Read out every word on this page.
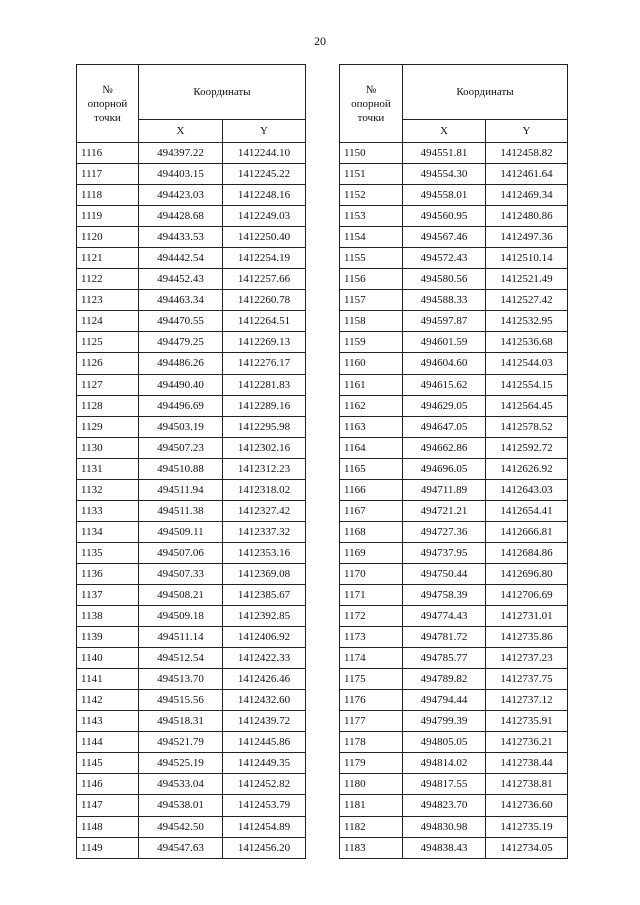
20
№
опорной
точки	Координаты	
	X	Y
1116	494397.22	1412244.10
1117	494403.15	1412245.22
1118	494423.03	1412248.16
1119	494428.68	1412249.03
1120	494433.53	1412250.40
1121	494442.54	1412254.19
1122	494452.43	1412257.66
1123	494463.34	1412260.78
1124	494470.55	1412264.51
1125	494479.25	1412269.13
1126	494486.26	1412276.17
1127	494490.40	1412281.83
1128	494496.69	1412289.16
1129	494503.19	1412295.98
1130	494507.23	1412302.16
1131	494510.88	1412312.23
1132	494511.94	1412318.02
1133	494511.38	1412327.42
1134	494509.11	1412337.32
1135	494507.06	1412353.16
1136	494507.33	1412369.08
1137	494508.21	1412385.67
1138	494509.18	1412392.85
1139	494511.14	1412406.92
1140	494512.54	1412422.33
1141	494513.70	1412426.46
1142	494515.56	1412432.60
1143	494518.31	1412439.72
1144	494521.79	1412445.86
1145	494525.19	1412449.35
1146	494533.04	1412452.82
1147	494538.01	1412453.79
1148	494542.50	1412454.89
1149	494547.63	1412456.20
№
опорной
точки	Координаты	
	X	Y
1150	494551.81	1412458.82
1151	494554.30	1412461.64
1152	494558.01	1412469.34
1153	494560.95	1412480.86
1154	494567.46	1412497.36
1155	494572.43	1412510.14
1156	494580.56	1412521.49
1157	494588.33	1412527.42
1158	494597.87	1412532.95
1159	494601.59	1412536.68
1160	494604.60	1412544.03
1161	494615.62	1412554.15
1162	494629.05	1412564.45
1163	494647.05	1412578.52
1164	494662.86	1412592.72
1165	494696.05	1412626.92
1166	494711.89	1412643.03
1167	494721.21	1412654.41
1168	494727.36	1412666.81
1169	494737.95	1412684.86
1170	494750.44	1412696.80
1171	494758.39	1412706.69
1172	494774.43	1412731.01
1173	494781.72	1412735.86
1174	494785.77	1412737.23
1175	494789.82	1412737.75
1176	494794.44	1412737.12
1177	494799.39	1412735.91
1178	494805.05	1412736.21
1179	494814.02	1412738.44
1180	494817.55	1412738.81
1181	494823.70	1412736.60
1182	494830.98	1412735.19
1183	494838.43	1412734.05
